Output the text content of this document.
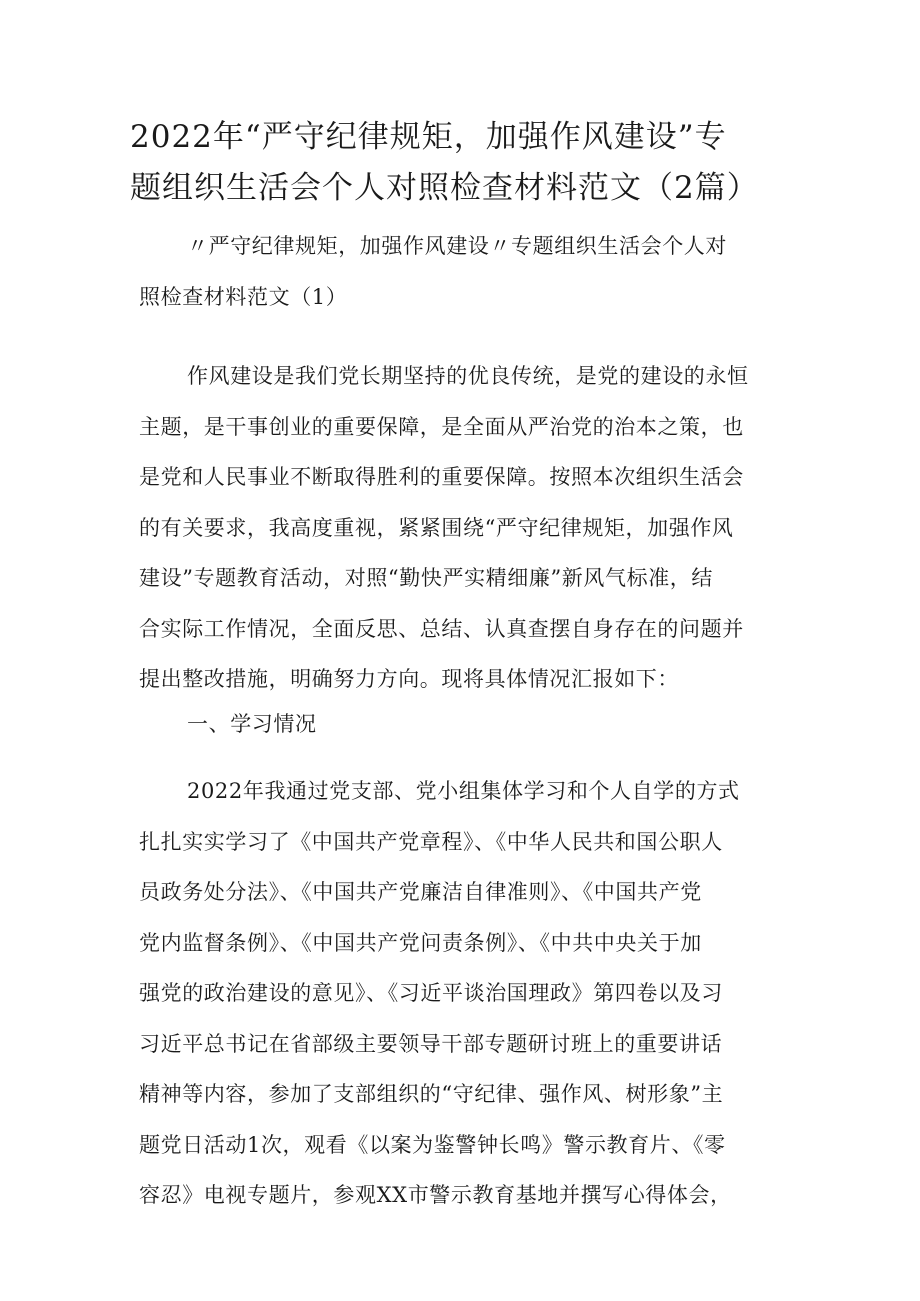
2022年“严守纪律规矩，加强作风建设”专
题组织生活会个人对照检查材料范文（2篇）
〃严守纪律规矩，加强作风建设〃专题组织生活会个人对
照检查材料范文（1）
作风建设是我们党长期坚持的优良传统，是党的建设的永恒
主题，是干事创业的重要保障，是全面从严治党的治本之策，也
是党和人民事业不断取得胜利的重要保障。按照本次组织生活会
的有关要求，我高度重视，紧紧围绕“严守纪律规矩，加强作风
建设”专题教育活动，对照“勤快严实精细廉”新风气标准，结
合实际工作情况，全面反思、总结、认真查摆自身存在的问题并
提出整改措施，明确努力方向。现将具体情况汇报如下：
一、学习情况
2022年我通过党支部、党小组集体学习和个人自学的方式
扎扎实实学习了《中国共产党章程》、《中华人民共和国公职人
员政务处分法》、《中国共产党廉洁自律准则》、《中国共产党
党内监督条例》、《中国共产党问责条例》、《中共中央关于加
强党的政治建设的意见》、《习近平谈治国理政》第四卷以及习
习近平总书记在省部级主要领导干部专题研讨班上的重要讲话
精神等内容，参加了支部组织的“守纪律、强作风、树形象”主
题党日活动1次，观看《以案为鉴警钟长鸣》警示教育片、《零
容忍》电视专题片，参观XX市警示教育基地并撰写心得体会，
